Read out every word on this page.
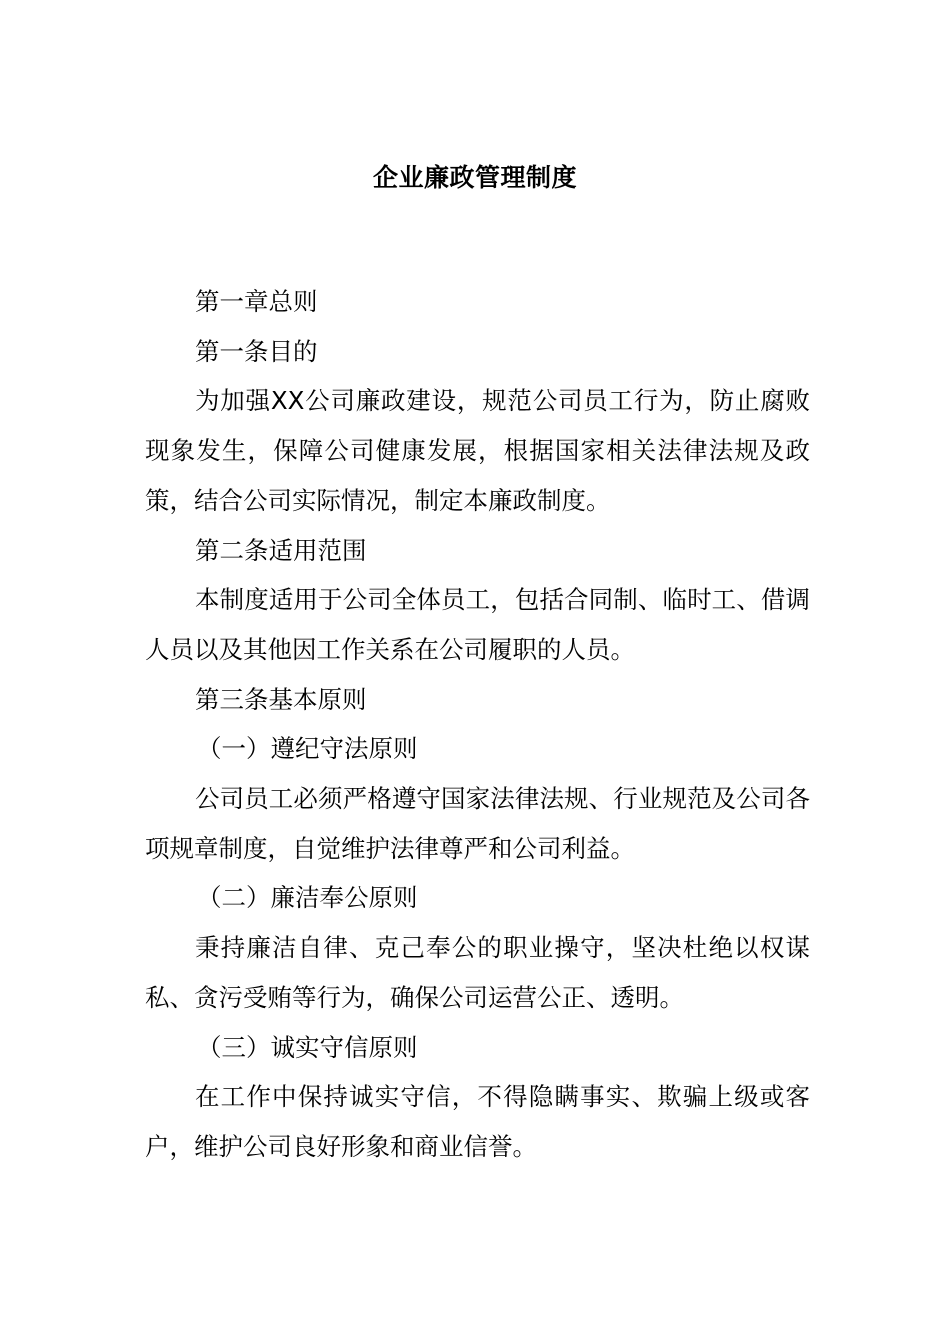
企业廉政管理制度

第一章总则

第一条目的

为加强XX公司廉政建设，规范公司员工行为，防止腐败现象发生，保障公司健康发展，根据国家相关法律法规及政策，结合公司实际情况，制定本廉政制度。

第二条适用范围

本制度适用于公司全体员工，包括合同制、临时工、借调人员以及其他因工作关系在公司履职的人员。

第三条基本原则

（一）遵纪守法原则

公司员工必须严格遵守国家法律法规、行业规范及公司各项规章制度，自觉维护法律尊严和公司利益。

（二）廉洁奉公原则

秉持廉洁自律、克己奉公的职业操守，坚决杜绝以权谋私、贪污受贿等行为，确保公司运营公正、透明。

（三）诚实守信原则

在工作中保持诚实守信，不得隐瞒事实、欺骗上级或客户，维护公司良好形象和商业信誉。
